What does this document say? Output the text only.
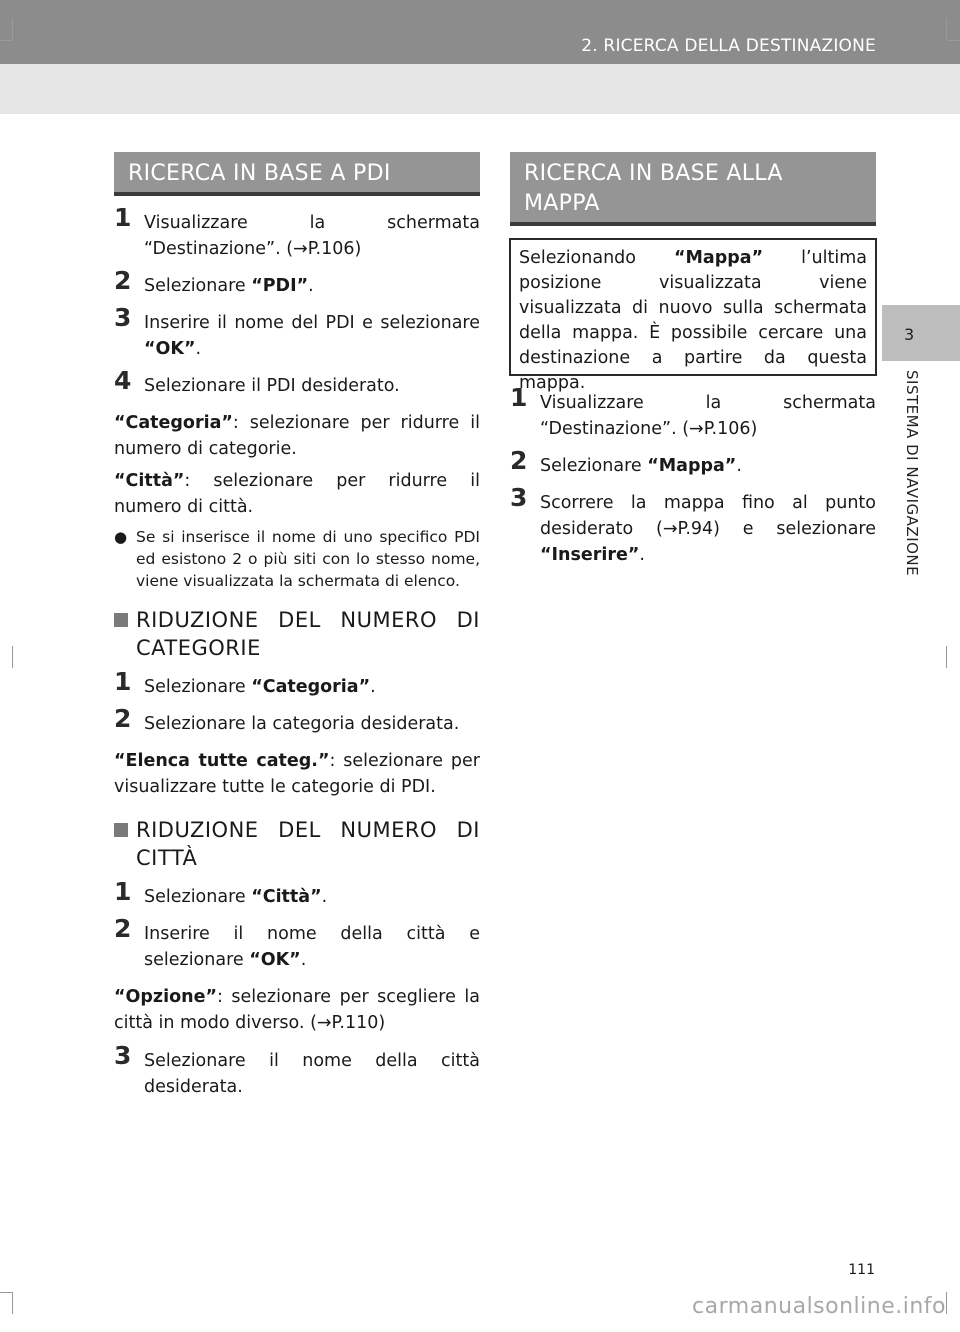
2. RICERCA DELLA DESTINAZIONE
3
SISTEMA DI NAVIGAZIONE
RICERCA IN BASE A PDI
1 Visualizzare la schermata “Destinazione”. (→P.106)
2 Selezionare “PDI”.
3 Inserire il nome del PDI e selezionare “OK”.
4 Selezionare il PDI desiderato.

“Categoria”: selezionare per ridurre il numero di categorie.

“Città”: selezionare per ridurre il numero di città.

● Se si inserisce il nome di uno specifico PDI ed esistono 2 o più siti con lo stesso nome, viene visualizzata la schermata di elenco.
RIDUZIONE DEL NUMERO DI CATEGORIE
1 Selezionare “Categoria”.
2 Selezionare la categoria desiderata.

“Elenca tutte categ.”: selezionare per visualizzare tutte le categorie di PDI.

RIDUZIONE DEL NUMERO DI CITTÀ
1 Selezionare “Città”.
2 Inserire il nome della città e selezionare “OK”.

“Opzione”: selezionare per scegliere la città in modo diverso. (→P.110)

3 Selezionare il nome della città desiderata.
RICERCA IN BASE ALLA MAPPA
Selezionando “Mappa” l’ultima posizione visualizzata viene visualizzata di nuovo sulla schermata della mappa. È possibile cercare una destinazione a partire da questa mappa.
1 Visualizzare la schermata “Destinazione”. (→P.106)
2 Selezionare “Mappa”.
3 Scorrere la mappa fino al punto desiderato (→P.94) e selezionare “Inserire”.
111
carmanualsonline.info
